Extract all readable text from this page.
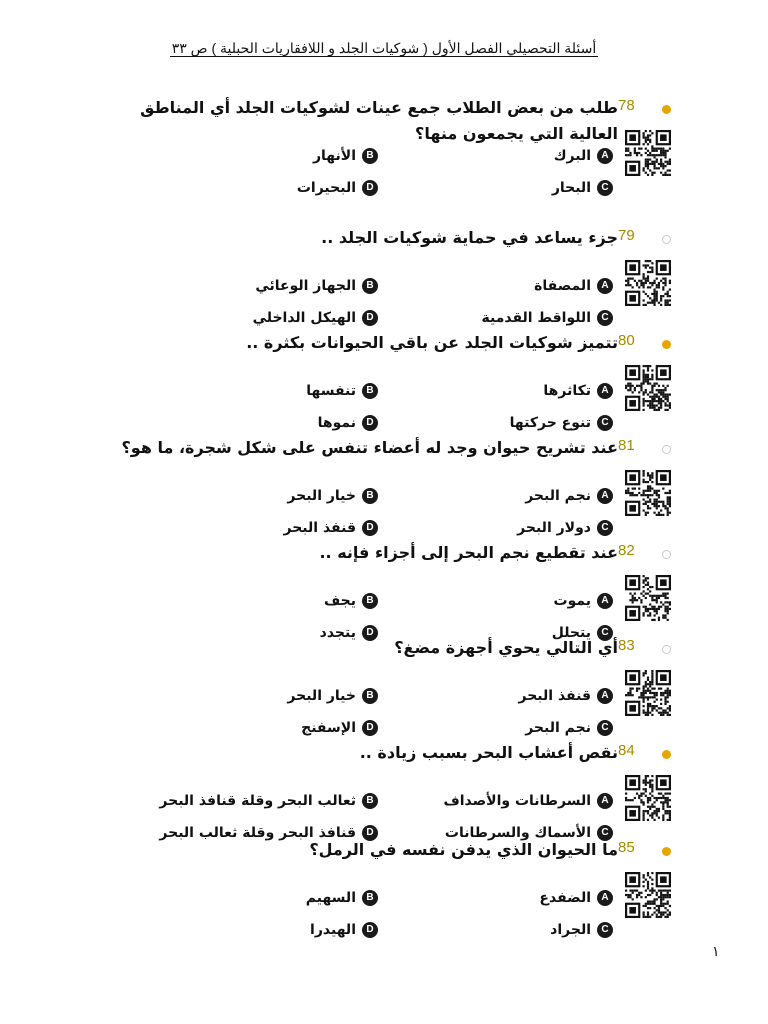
أسئلة التحصيلي الفصل الأول ( شوكيات الجلد و اللافقاريات الحبلية ) ص ٣٣
78
طلب من بعض الطلاب جمع عينات لشوكيات الجلد أي المناطق العالية التي يجمعون منها؟
Aالبرك
Bالأنهار
Cالبحار
Dالبحيرات
79
جزء يساعد في حماية شوكيات الجلد ..
Aالمصفاة
Bالجهاز الوعائي
Cاللواقط القدمية
Dالهيكل الداخلي
80
تتميز شوكيات الجلد عن باقي الحيوانات بكثرة ..
Aتكاثرها
Bتنفسها
Cتنوع حركتها
Dنموها
81
عند تشريح حيوان وجد له أعضاء تنفس على شكل شجرة، ما هو؟
Aنجم البحر
Bخيار البحر
Cدولار البحر
Dقنفذ البحر
82
عند تقطيع نجم البحر إلى أجزاء فإنه ..
Aيموت
Bيجف
Cيتحلل
Dيتجدد
83
أي التالي يحوي أجهزة مضغ؟
Aقنفذ البحر
Bخيار البحر
Cنجم البحر
Dالإسفنج
84
نقص أعشاب البحر بسبب زيادة ..
Aالسرطانات والأصداف
Bثعالب البحر وقلة قنافذ البحر
Cالأسماك والسرطانات
Dقنافذ البحر وقلة ثعالب البحر
85
ما الحيوان الذي يدفن نفسه في الرمل؟
Aالضفدع
Bالسهيم
Cالجراد
Dالهيدرا
١
